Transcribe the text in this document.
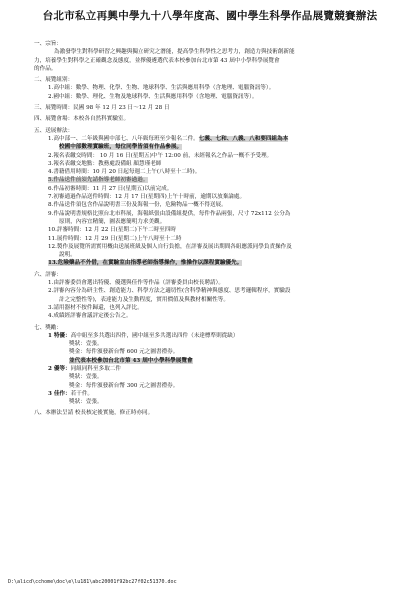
台北市私立再興中學九十八學年度高、國中學生科學作品展覽競賽辦法
一、宗旨：
為激發學生對科學研習之興趣與獨立研究之潛能，提高學生科學性之思考力，創造力與技術創新能
力，培養學生對科學之正確觀念及態度，並擇優遴選代表本校參加台北市第 43 屆中小學科學展覽會
的作品。
二、展覽組別：
1.高中組：數學、物理、化學、生物、地球科學、生活與應用科學（含地理、電腦資訊等）。
2.國中組：數學、理化、生物及地球科學、生活與應用科學（含地理、電腦資訊等）。
三、展覽時間：民國 98 年 12 月 23 日～12 月 28 日
四、展覽會場：本校各自然科實驗室。
五、送展辦法：
1.高中部一、二年級與國中部七、八年級每班至少報名二件。七義、七和、八義、八和要四組為本
校國中部數理實驗班，每位同學皆須有作品參展。
2.報名表繳交時間： 10 月 16 日(星期五)中午 12:00 前，未經報名之作品一概不予受理。
3.報名表繳交地點：教務處設備組 顏慧瑾老師
4.書籍借用時間：10 月 20 日起每週二上午(八時至十二時)。
5.作品送件前須先請指導老師初審過過。
6.作品初審時間：11 月 27 日(星期五)以前完成。
7.初審通過作品送件時間：12 月 17 日(星期四)上午十時前，逾期以放棄論處。
8.作品送件須包含作品說明書三份及海報一份，危險物品一概不得送展。
9.作品說明書規格比照台北市科展，海報紙張由設備組提供，每件作品兩張，尺寸 72x112 公分為
原則，內容宜精簡，圖表應簡明力求美觀。
10.評審時間：12 月 22 日(星期二)下午二時至四時
11.展件時間：12 月 29 日(星期二)上午八時至十二時
12.製作及展覽所需實用概由送展班級及個人自行負擔，在評審及展出期間各組應派同學負責操作及
說明。
13.危險藥品不外借，在實驗室由指導老師指導操作，惟操作以課程實驗優先。
六、評審：
1.由評審委員會選出特優、優選與佳作等作品（評審委員由校長聘請）。
2.評審內容分為研主性、創造能力、科學方法之適切性(含科學精神與態度、思考邏輯程序，實驗設
計之完整性等)，表達能力及生動程度，實用價值及與教材相關性等。
3.請用器材不按件歸還，也列入評比。
4.成績經評審會議評定後公告之。
七、獎勵：
1 特優：高中組至多共選出四件，國中組至多共選出四件（未達標準則從缺）
獎狀：壹張。
獎金：每件頒發新台幣 600 元之圖書禮券。
並代表本校參加台北市第 43 屆中小學科學展覽會
2 優等：同組同科至多取二件
獎狀：壹張。
獎金：每件頒發新台幣 300 元之圖書禮券。
3 佳作：若干件。
獎狀：壹張。
八、本辦法呈請 校長核定後實施，修正時亦同。
D:\alicd\cchome\doc\e\lu181\abc20001f92bc27f02c51370.doc
